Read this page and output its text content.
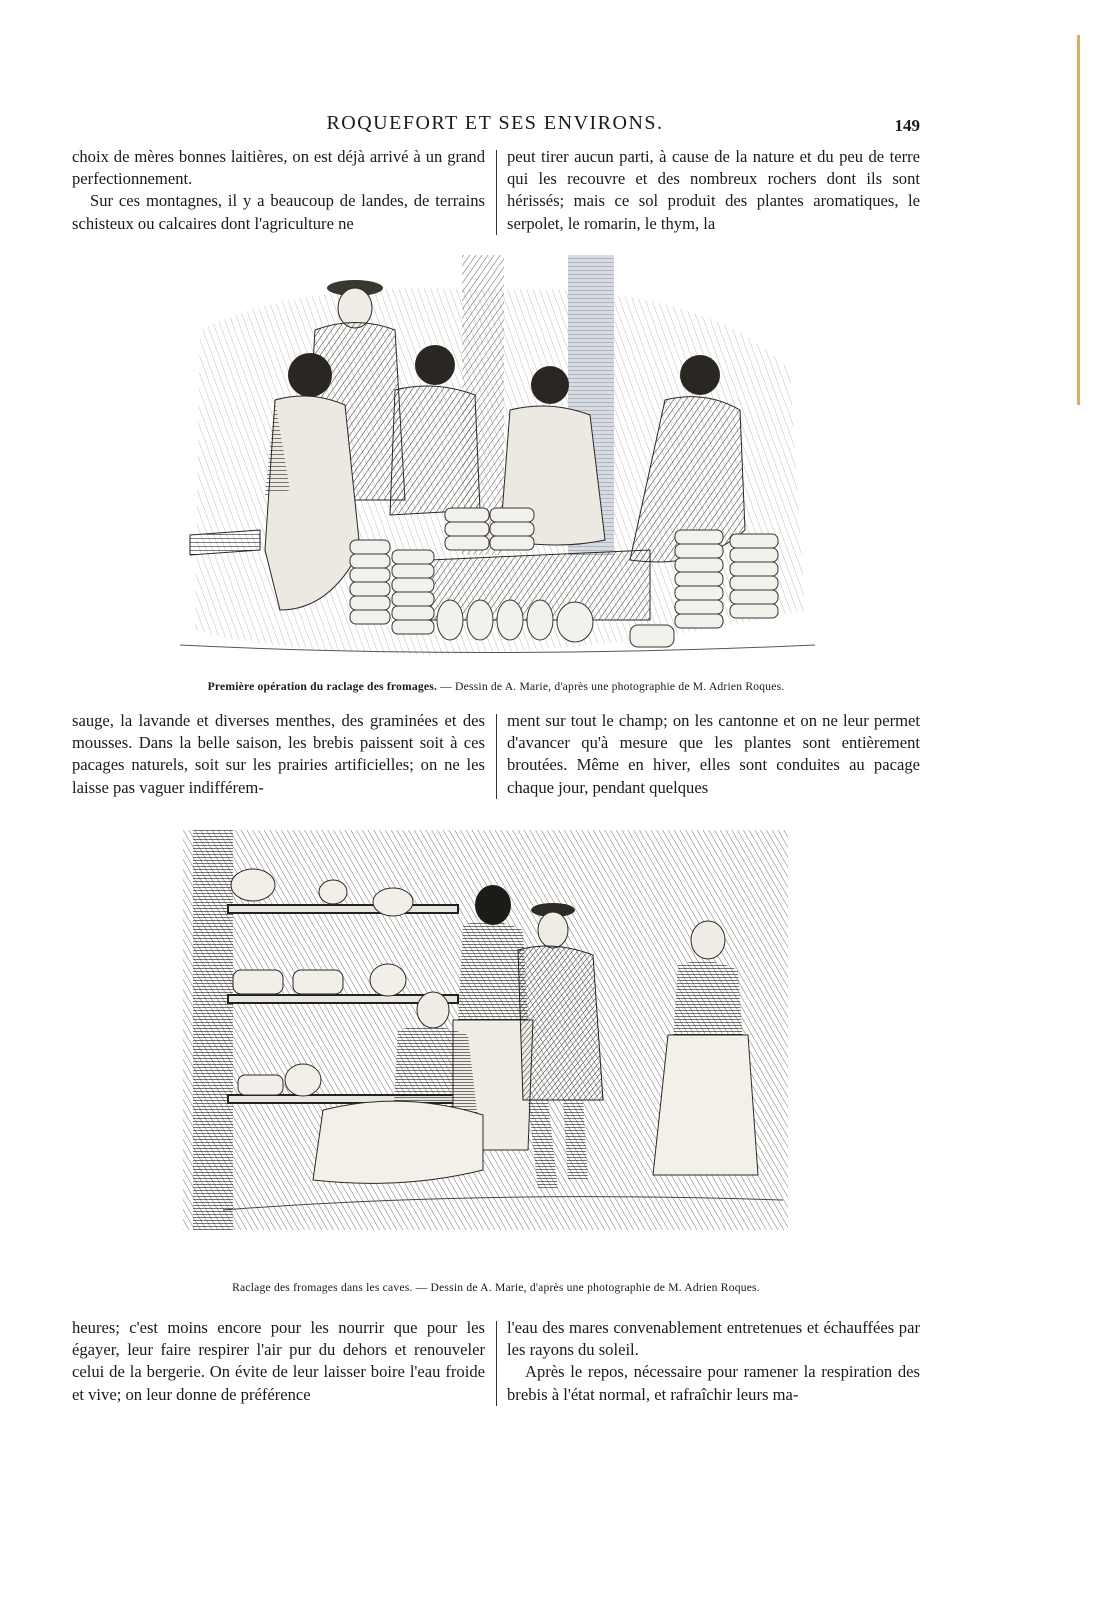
ROQUEFORT ET SES ENVIRONS.	149

choix de mères bonnes laitières, on est déjà arrivé à un grand perfectionnement.

Sur ces montagnes, il y a beaucoup de landes, de terrains schisteux ou calcaires dont l'agriculture ne

peut tirer aucun parti, à cause de la nature et du peu de terre qui les recouvre et des nombreux rochers dont ils sont hérissés; mais ce sol produit des plantes aromatiques, le serpolet, le romarin, le thym, la

Première opération du raclage des fromages. — Dessin de A. Marie, d'après une photographie de M. Adrien Roques.

sauge, la lavande et diverses menthes, des graminées et des mousses. Dans la belle saison, les brebis paissent soit à ces pacages naturels, soit sur les prairies artificielles; on ne les laisse pas vaguer indifférem-

ment sur tout le champ; on les cantonne et on ne leur permet d'avancer qu'à mesure que les plantes sont entièrement broutées. Même en hiver, elles sont conduites au pacage chaque jour, pendant quelques

Raclage des fromages dans les caves. — Dessin de A. Marie, d'après une photographie de M. Adrien Roques.

heures; c'est moins encore pour les nourrir que pour les égayer, leur faire respirer l'air pur du dehors et renouveler celui de la bergerie. On évite de leur laisser boire l'eau froide et vive; on leur donne de préférence

l'eau des mares convenablement entretenues et échauffées par les rayons du soleil.

Après le repos, nécessaire pour ramener la respiration des brebis à l'état normal, et rafraîchir leurs ma-
